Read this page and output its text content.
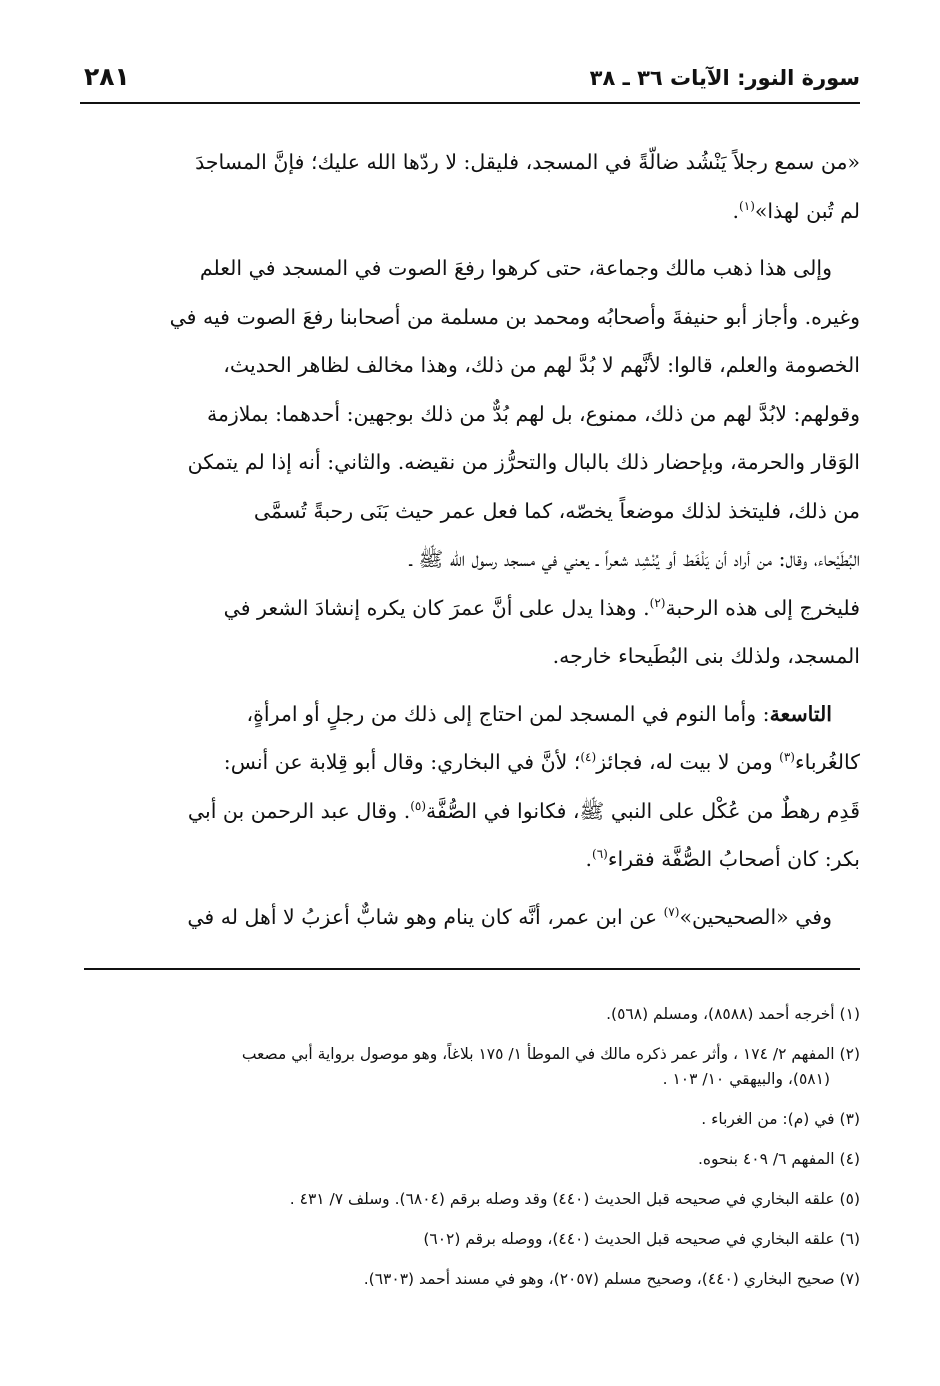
سورة النور: الآيات ٣٦ ـ ٣٨
٢٨١

«من سمع رجلاً يَنْشُد ضالّةً في المسجد، فليقل: لا ردّها الله عليك؛ فإنَّ المساجدَ

لم تُبن لهذا»$^{(١)}$.

وإلى هذا ذهب مالك وجماعة، حتى كرهوا رفعَ الصوت في المسجد في العلم

وغيره. وأجاز أبو حنيفةَ وأصحابُه ومحمد بن مسلمة من أصحابنا رفعَ الصوت فيه في

الخصومة والعلم، قالوا: لأنَّهم لا بُدَّ لهم من ذلك، وهذا مخالف لظاهر الحديث،

وقولهم: لابُدَّ لهم من ذلك، ممنوع، بل لهم بُدٌّ من ذلك بوجهين: أحدهما: بملازمة

الوَقار والحرمة، وبإحضار ذلك بالبال والتحرُّز من نقيضه. والثاني: أنه إذا لم يتمكن

من ذلك، فليتخذ لذلك موضعاً يخصّه، كما فعل عمر حيث بَنَى رحبةً تُسمَّى

البُطَيْحاء، وقال: من أراد أن يَلْغَط أو يُنْشِد شعراً ـ يعني في مسجد رسول الله ﷺ ـ

فليخرج إلى هذه الرحبة$^{(٢)}$. وهذا يدل على أنَّ عمرَ كان يكره إنشادَ الشعر في

المسجد، ولذلك بنى البُطَيحاء خارجه.

التاسعة: وأما النوم في المسجد لمن احتاج إلى ذلك من رجلٍ أو امرأةٍ،

كالغُرباء$^{(٣)}$ ومن لا بيت له، فجائز$^{(٤)}$؛ لأنَّ في البخاري: وقال أبو قِلابة عن أنس:

قَدِم رهطٌ من عُكْل على النبي ﷺ، فكانوا في الصُّفَّة$^{(٥)}$. وقال عبد الرحمن بن أبي

بكر: كان أصحابُ الصُّفَّة فقراء$^{(٦)}$.

وفي «الصحيحين»$^{(٧)}$ عن ابن عمر، أنَّه كان ينام وهو شابٌّ أعزبُ لا أهل له في

(١) أخرجه أحمد (٨٥٨٨)، ومسلم (٥٦٨).

(٢) المفهم ٢/ ١٧٤ ، وأثر عمر ذكره مالك في الموطأ ١/ ١٧٥ بلاغاً، وهو موصول برواية أبي مصعب
(٥٨١)، والبيهقي ١٠/ ١٠٣ .

(٣) في (م): من الغرباء .

(٤) المفهم ٦/ ٤٠٩ بنحوه.

(٥) علقه البخاري في صحيحه قبل الحديث (٤٤٠) وقد وصله برقم (٦٨٠٤). وسلف ٧/ ٤٣١ .

(٦) علقه البخاري في صحيحه قبل الحديث (٤٤٠)، ووصله برقم (٦٠٢)

(٧) صحيح البخاري (٤٤٠)، وصحيح مسلم (٢٠٥٧)، وهو في مسند أحمد (٦٣٠٣).
